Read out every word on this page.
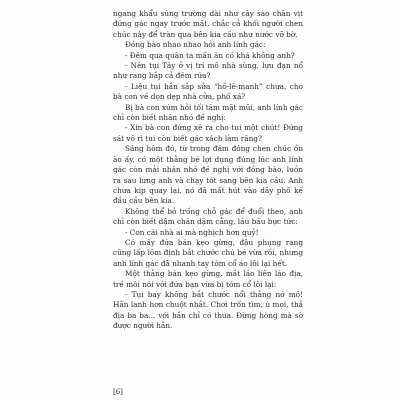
ngang khẩu súng trường dài như cây sào chân vịt đứng gác ngay trước mặt, chắc cả khối người chen chúc này để tràn qua bên kia cầu như nước vỡ bờ.

Đồng bào nhao nhao hỏi anh lính gác:

- Đêm qua quân ta mần ăn có khá không anh?

- Nên tụi Tây ở vị trí mô nhà sùng, lựu đạn nổ như rang bắp cả đêm rứa?

- Liệu tụi hắn sắp sửa “hồ-lê-manh” chưa, cho bà con về dọn dẹp nhà cửa, phố xá?

Bị bà con xúm hỏi tối tăm mặt mũi, anh lính gác chỉ còn biết nhăn nhó đề nghị:

- Xin bà con đứng xê ra cho tui một chút! Đứng sát vô rì tui còn biết gác xách làm răng?

Sáng hôm đó, từ trong đám đông chen chúc ồn ào ấy, có một thằng bé lợi dụng đúng lúc anh lính gác còn mải nhăn nhó đề nghị với đồng bào, luồn ra sau lưng anh và chạy tót sang bên kia cầu. Anh chưa kịp quay lại, nó đã mất hút vào dãy phố kế đầu cầu bên kia.

Không thể bỏ trống chỗ gác để đuổi theo, anh chỉ còn biết dậm chân dặm cẳng, lầu bầu bực tức:

- Con cái nhà ai mà nghịch hơn quỷ!

Có mấy đứa bán kẹo gừng, đậu phụng rang cũng lấp lõm định bắt chước chú bé vừa rồi, nhưng anh lính gác đã nhanh tay tóm cổ áo lôi lại hết.

Một thằng bán kẹo gừng, mắt láo liên láo địa, trề môi nói với đứa bạn vừa bị tóm cổ lôi lại:

- Tụi bay không bắt chước nổi thằng nớ mô! Hắn lanh hơn chuột nhắt. Chơi trốn tìm, ù mọi, thả địa ba ba... với hắn chỉ có thua. Đừng hòng mà sờ được người hắn.

[6]
